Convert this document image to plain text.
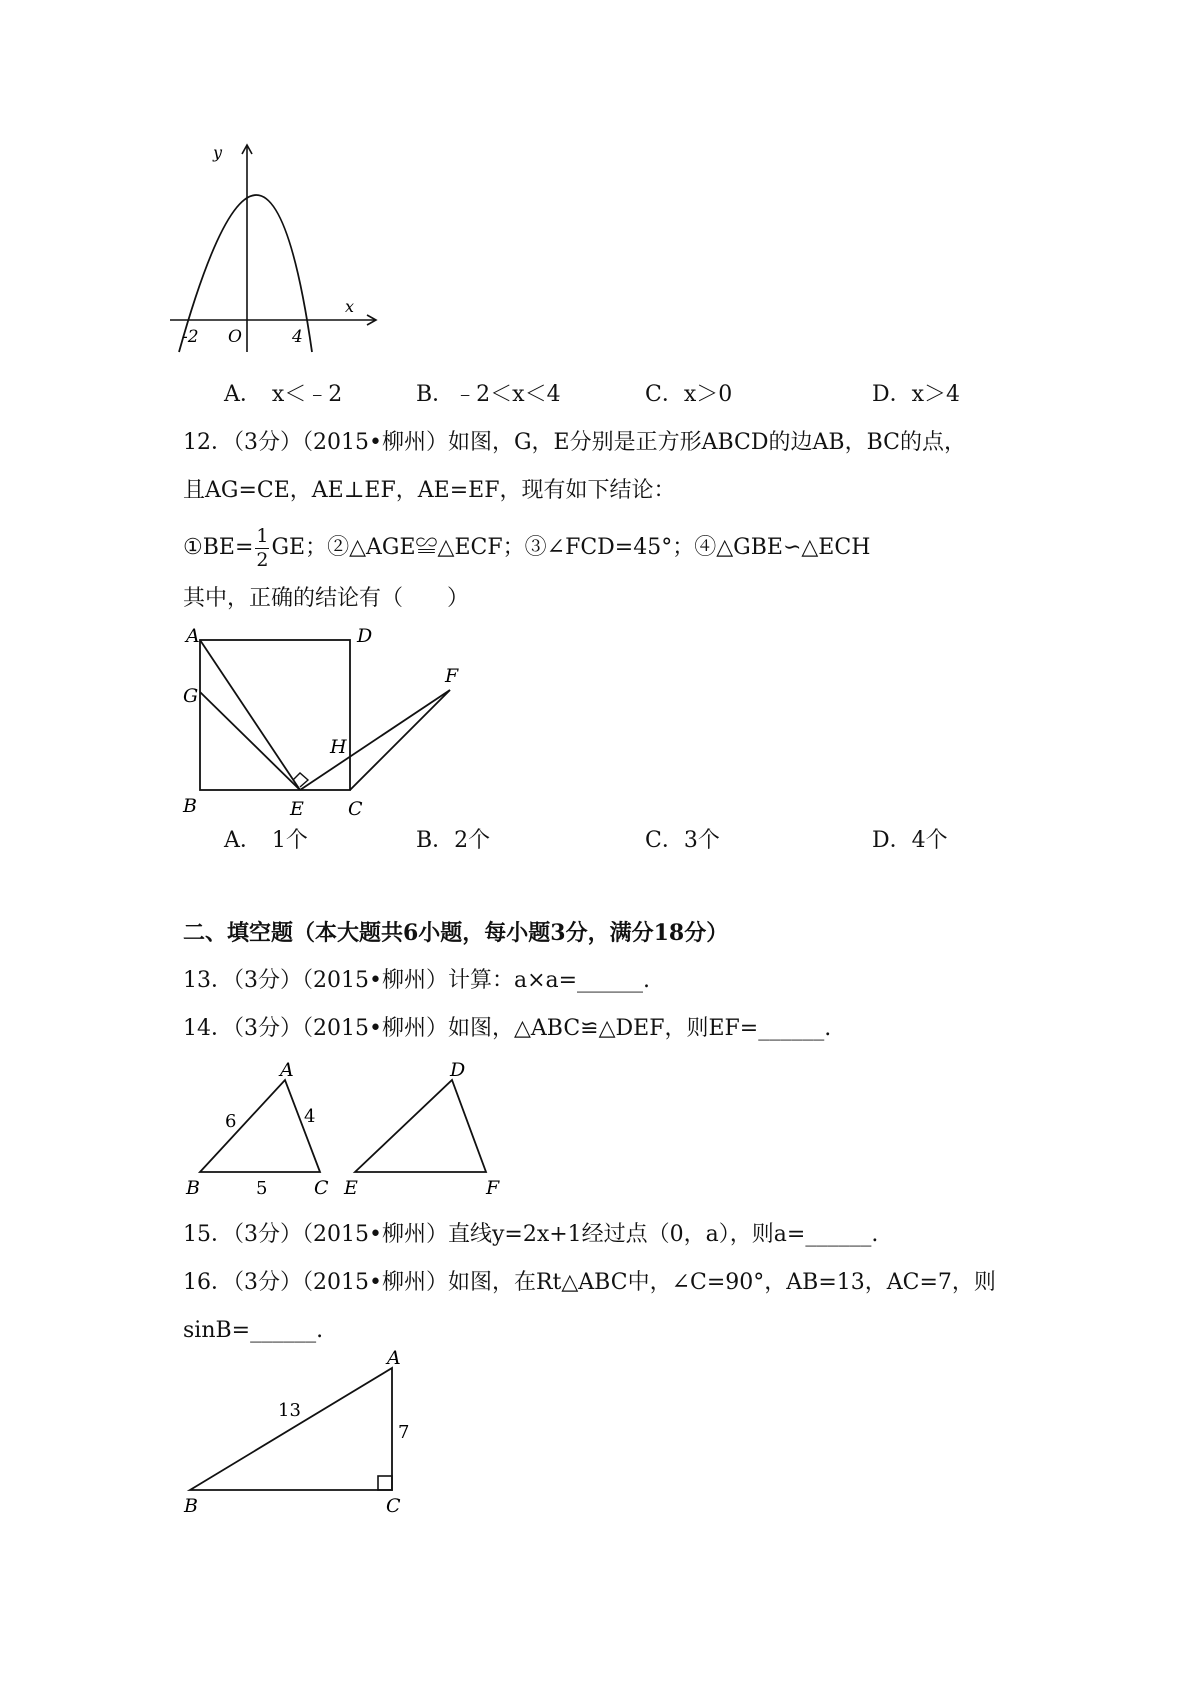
y
x
O
-2	4
A． x＜﹣2	B．﹣2＜x＜4	C．x＞0	D．x＞4
12．（3分）（2015•柳州）如图，G，E分别是正方形ABCD的边AB，BC的点，
且AG=CE，AE⊥EF，AE=EF，现有如下结论：
①BE= $\frac{1}{2}$ GE；②△AGE≌△ECF；③∠FCD=45°；④△GBE∽△ECH
其中，正确的结论有（　　）
A	D
G
B	E C
H
F
A． 1个	B．2个	C．3个	D．4个
二、填空题（本大题共6小题，每小题3分，满分18分）
13．（3分）（2015•柳州）计算：a×a=______.
14．（3分）（2015•柳州）如图，△ABC≌△DEF，则EF=______.
A
B	C
6	4
5
D
E	F
15．（3分）（2015•柳州）直线y=2x+1经过点（0，a），则a=______.
16．（3分）（2015•柳州）如图，在Rt△ABC中，∠C=90°，AB=13，AC=7，则
sinB=______.
A
B	C
13
7
